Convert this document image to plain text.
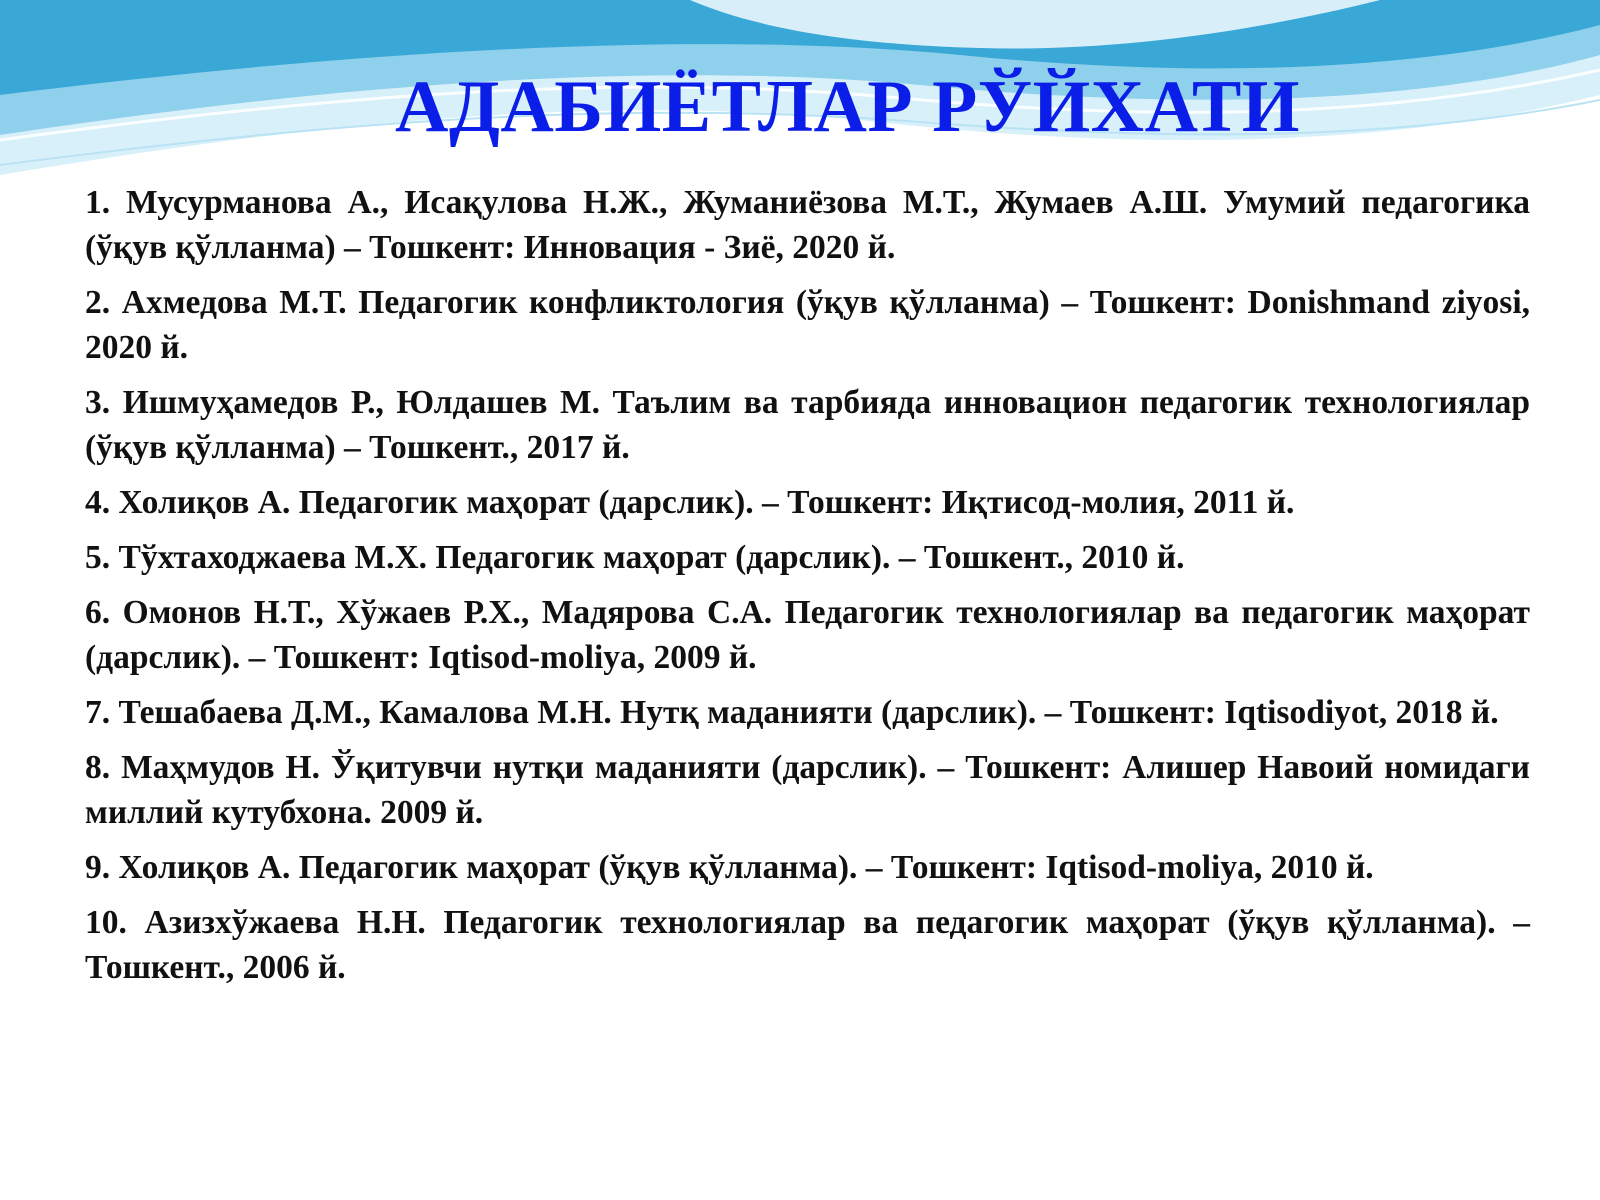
АДАБИЁТЛАР РЎЙХАТИ
1. Мусурманова А., Исақулова Н.Ж., Жуманиёзова М.Т., Жумаев А.Ш. Умумий педагогика (ўқув қўлланма) – Тошкент: Инновация - Зиё, 2020 й.
2. Ахмедова М.Т. Педагогик конфликтология (ўқув қўлланма) – Тошкент: Donishmand ziyosi, 2020 й.
3. Ишмуҳамедов Р., Юлдашев М. Таълим ва тарбияда инновацион педагогик технологиялар (ўқув қўлланма) – Тошкент., 2017 й.
4. Холиқов А. Педагогик маҳорат (дарслик). – Тошкент: Иқтисод-молия, 2011 й.
5. Тўхтаходжаева М.Х. Педагогик маҳорат (дарслик). – Тошкент., 2010 й.
6. Омонов Н.Т., Хўжаев Р.Х., Мадярова С.А. Педагогик технологиялар ва педагогик маҳорат (дарслик). – Тошкент: Iqtisod-moliya, 2009 й.
7. Тешабаева Д.М., Камалова М.Н. Нутқ маданияти (дарслик). – Тошкент: Iqtisodiyot, 2018 й.
8. Маҳмудов Н. Ўқитувчи нутқи маданияти (дарслик). – Тошкент: Алишер Навоий номидаги миллий кутубхона. 2009 й.
9. Холиқов А. Педагогик маҳорат (ўқув қўлланма). – Тошкент: Iqtisod-moliya, 2010 й.
10. Азизхўжаева Н.Н. Педагогик технологиялар ва педагогик маҳорат (ўқув қўлланма). – Тошкент., 2006 й.
